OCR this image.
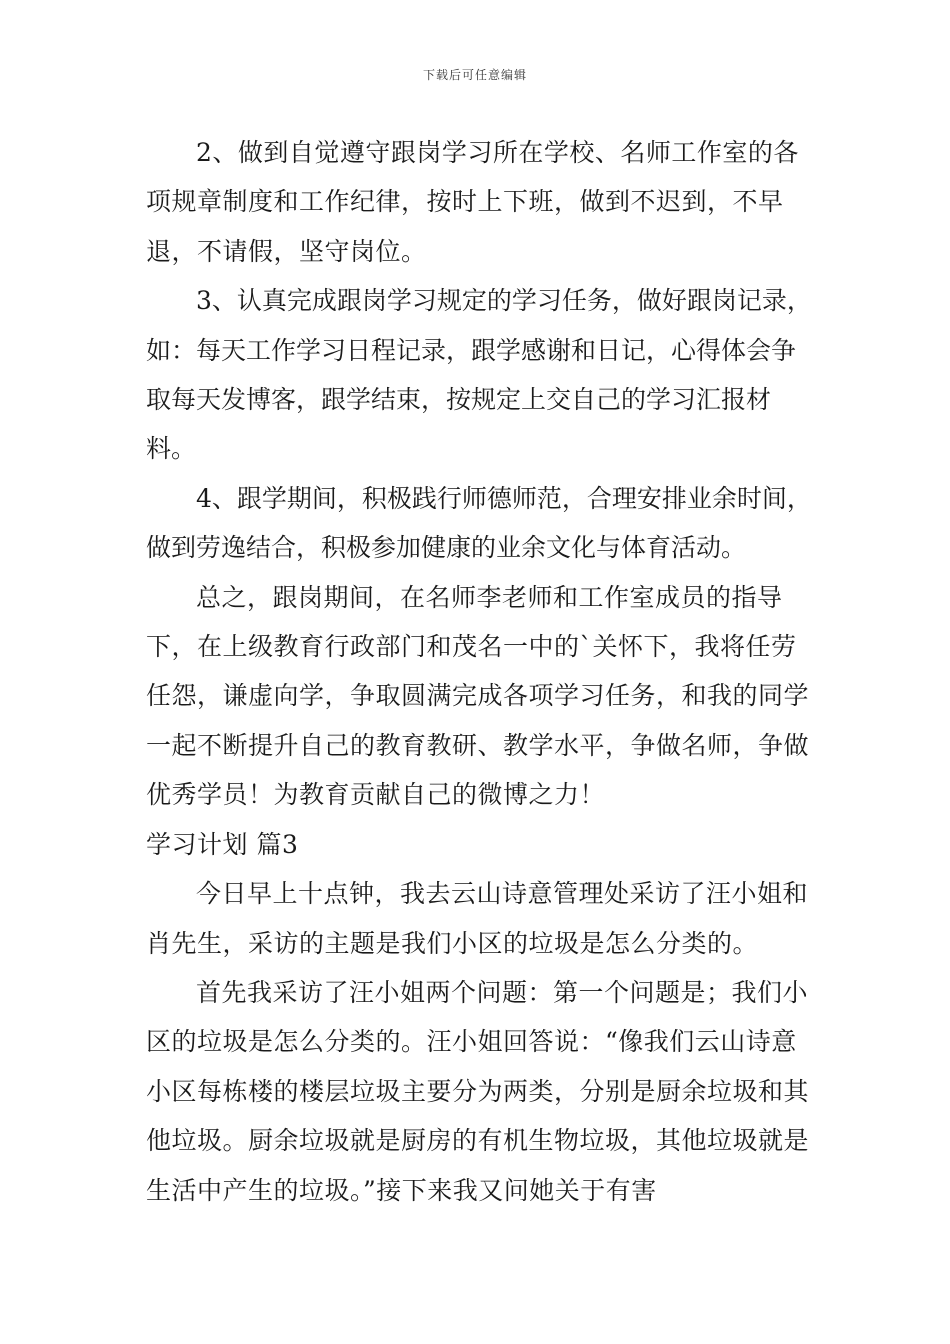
下载后可任意编辑

2、做到自觉遵守跟岗学习所在学校、名师工作室的各项规章制度和工作纪律，按时上下班，做到不迟到，不早退，不请假，坚守岗位。

3、认真完成跟岗学习规定的学习任务，做好跟岗记录，如：每天工作学习日程记录，跟学感谢和日记，心得体会争取每天发博客，跟学结束，按规定上交自己的学习汇报材料。

4、跟学期间，积极践行师德师范，合理安排业余时间，做到劳逸结合，积极参加健康的业余文化与体育活动。

总之，跟岗期间，在名师李老师和工作室成员的指导下，在上级教育行政部门和茂名一中的`关怀下，我将任劳任怨，谦虚向学，争取圆满完成各项学习任务，和我的同学一起不断提升自己的教育教研、教学水平，争做名师，争做优秀学员！为教育贡献自己的微博之力！

学习计划 篇3

今日早上十点钟，我去云山诗意管理处采访了汪小姐和肖先生，采访的主题是我们小区的垃圾是怎么分类的。

首先我采访了汪小姐两个问题：第一个问题是；我们小区的垃圾是怎么分类的。汪小姐回答说：“像我们云山诗意小区每栋楼的楼层垃圾主要分为两类，分别是厨余垃圾和其他垃圾。厨余垃圾就是厨房的有机生物垃圾，其他垃圾就是生活中产生的垃圾。”接下来我又问她关于有害
